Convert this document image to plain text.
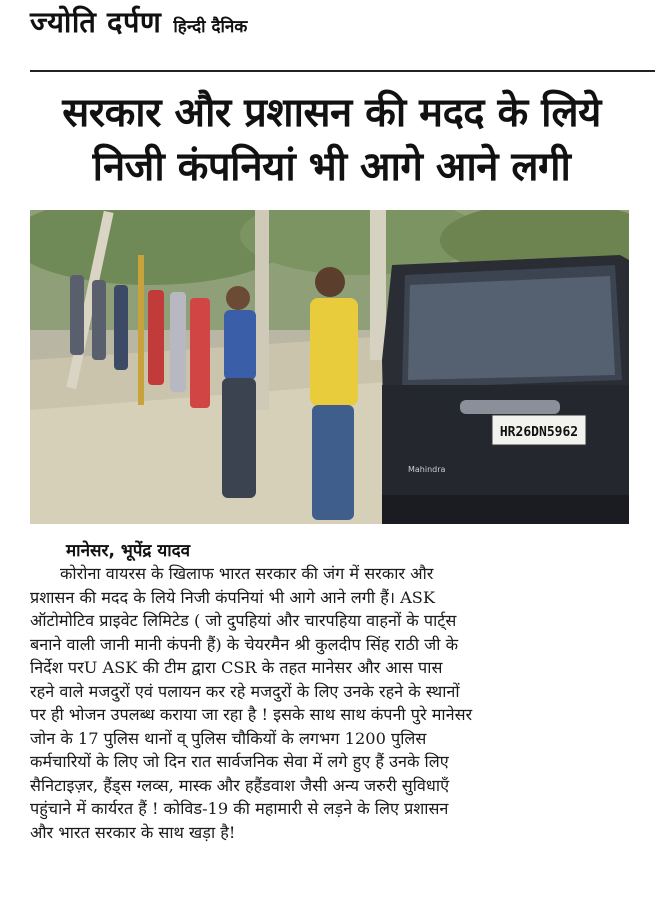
ज्योति दर्पण हिन्दी दैनिक
सरकार और प्रशासन की मदद के लिये
निजी कंपनियां भी आगे आने लगी
HR26DN5962
Mahindra
मानेसर, भूपेंद्र यादव

कोरोना वायरस के खिलाफ भारत सरकार की जंग में सरकार और

प्रशासन की मदद के लिये निजी कंपनियां भी आगे आने लगी हैं। ASK

ऑटोमोटिव प्राइवेट लिमिटेड ( जो दुपहियां और चारपहिया वाहनों के पार्ट्स

बनाने वाली जानी मानी कंपनी हैं) के चेयरमैन श्री कुलदीप सिंह राठी जी के

निर्देश परU ASK की टीम द्वारा CSR के तहत मानेसर और आस पास

रहने वाले मजदुरों एवं पलायन कर रहे मजदुरों के लिए उनके रहने के स्थानों

पर ही भोजन उपलब्ध कराया जा रहा है ! इसके साथ साथ कंपनी पुरे मानेसर

जोन के 17 पुलिस थानों व् पुलिस चौकियों के लगभग 1200 पुलिस

कर्मचारियों के लिए जो दिन रात सार्वजनिक सेवा में लगे हुए हैं उनके लिए

सैनिटाइज़र, हैंड्स ग्लव्स, मास्क और हहैंडवाश जैसी अन्य जरुरी सुविधाएँ

पहुंचाने में कार्यरत हैं ! कोविड-19 की महामारी से लड़ने के लिए प्रशासन

और भारत सरकार के साथ खड़ा है!
